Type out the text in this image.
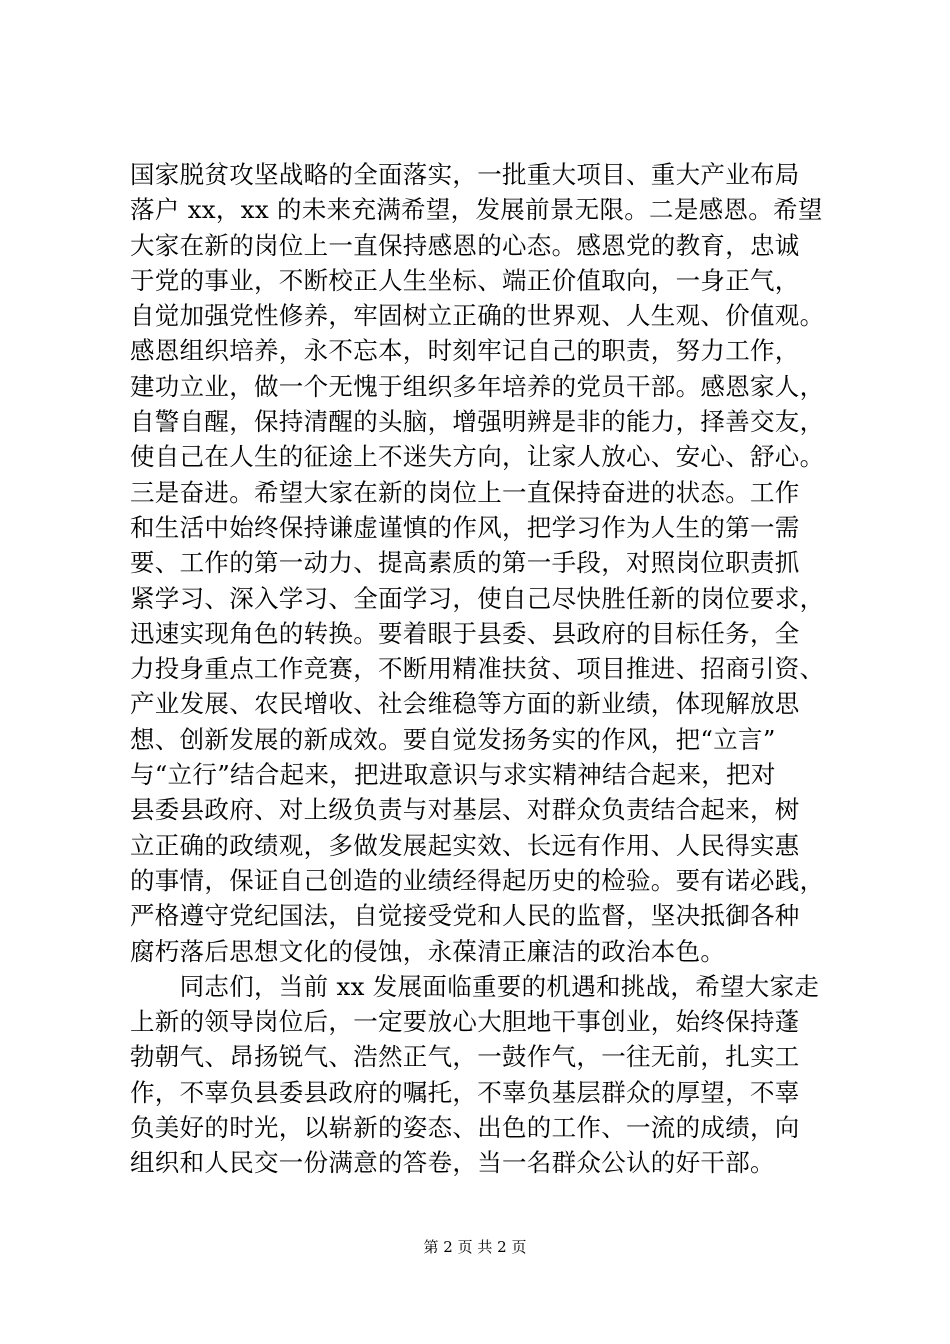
国家脱贫攻坚战略的全面落实，一批重大项目、重大产业布局
落户 xx，xx 的未来充满希望，发展前景无限。二是感恩。希望
大家在新的岗位上一直保持感恩的心态。感恩党的教育，忠诚
于党的事业，不断校正人生坐标、端正价值取向，一身正气，
自觉加强党性修养，牢固树立正确的世界观、人生观、价值观。
感恩组织培养，永不忘本，时刻牢记自己的职责，努力工作，
建功立业，做一个无愧于组织多年培养的党员干部。感恩家人，
自警自醒，保持清醒的头脑，增强明辨是非的能力，择善交友，
使自己在人生的征途上不迷失方向，让家人放心、安心、舒心。
三是奋进。希望大家在新的岗位上一直保持奋进的状态。工作
和生活中始终保持谦虚谨慎的作风，把学习作为人生的第一需
要、工作的第一动力、提高素质的第一手段，对照岗位职责抓
紧学习、深入学习、全面学习，使自己尽快胜任新的岗位要求，
迅速实现角色的转换。要着眼于县委、县政府的目标任务，全
力投身重点工作竞赛，不断用精准扶贫、项目推进、招商引资、
产业发展、农民增收、社会维稳等方面的新业绩，体现解放思
想、创新发展的新成效。要自觉发扬务实的作风，把“立言”
与“立行”结合起来，把进取意识与求实精神结合起来，把对
县委县政府、对上级负责与对基层、对群众负责结合起来，树
立正确的政绩观，多做发展起实效、长远有作用、人民得实惠
的事情，保证自己创造的业绩经得起历史的检验。要有诺必践，
严格遵守党纪国法，自觉接受党和人民的监督，坚决抵御各种
腐朽落后思想文化的侵蚀，永葆清正廉洁的政治本色。
　　同志们，当前 xx 发展面临重要的机遇和挑战，希望大家走
上新的领导岗位后，一定要放心大胆地干事创业，始终保持蓬
勃朝气、昂扬锐气、浩然正气，一鼓作气，一往无前，扎实工
作，不辜负县委县政府的嘱托，不辜负基层群众的厚望，不辜
负美好的时光，以崭新的姿态、出色的工作、一流的成绩，向
组织和人民交一份满意的答卷，当一名群众公认的好干部。
第 2 页 共 2 页
